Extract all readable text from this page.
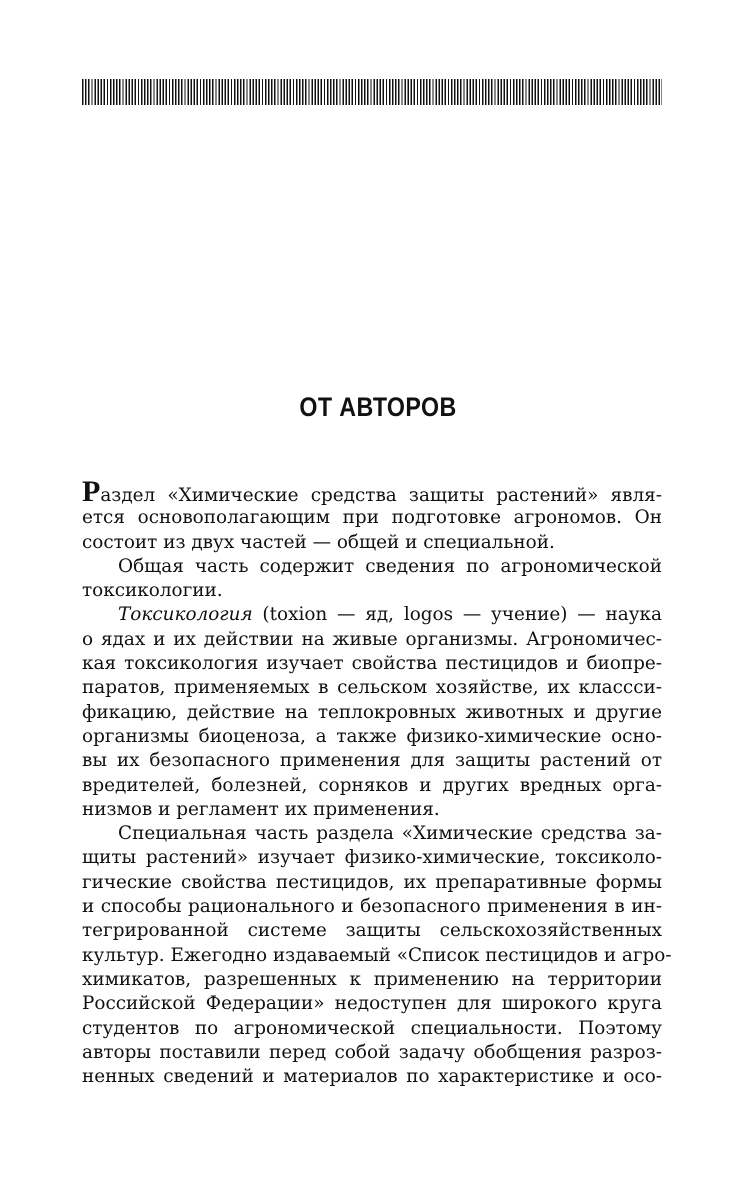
ОТ АВТОРОВ
Раздел «Химические средства защиты растений» явля-
ется основополагающим при подготовке агрономов. Он
состоит из двух частей — общей и специальной.
Общая часть содержит сведения по агрономической
токсикологии.
Токсикология (toxion — яд, logos — учение) — наука
о ядах и их действии на живые организмы. Агрономичес-
кая токсикология изучает свойства пестицидов и биопре-
паратов, применяемых в сельском хозяйстве, их классси-
фикацию, действие на теплокровных животных и другие
организмы биоценоза, а также физико-химические осно-
вы их безопасного применения для защиты растений от
вредителей, болезней, сорняков и других вредных орга-
низмов и регламент их применения.
Специальная часть раздела «Химические средства за-
щиты растений» изучает физико-химические, токсиколо-
гические свойства пестицидов, их препаративные формы
и способы рационального и безопасного применения в ин-
тегрированной системе защиты сельскохозяйственных
культур. Ежегодно издаваемый «Список пестицидов и агро-
химикатов, разрешенных к применению на территории
Российской Федерации» недоступен для широкого круга
студентов по агрономической специальности. Поэтому
авторы поставили перед собой задачу обобщения разроз-
ненных сведений и материалов по характеристике и осо-
